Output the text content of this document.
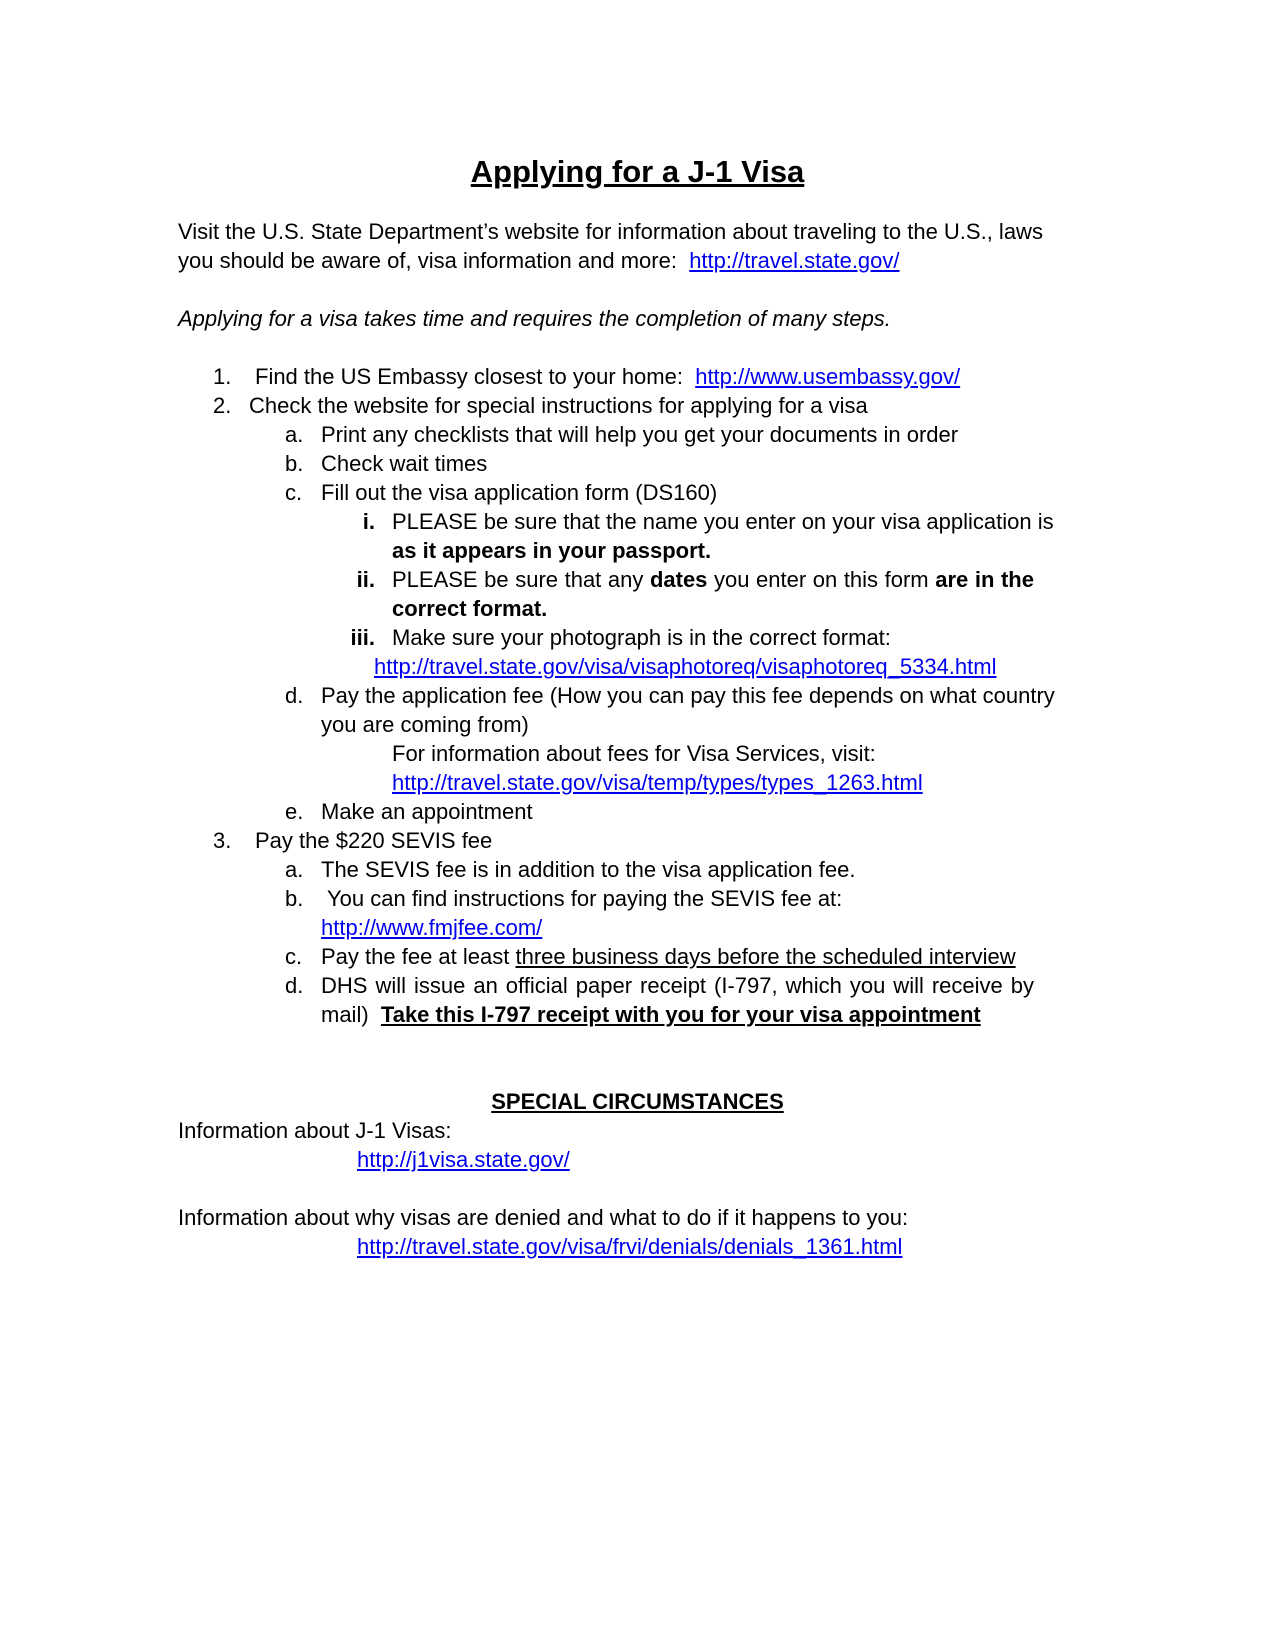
Applying for a J-1 Visa
Visit the U.S. State Department’s website for information about traveling to the U.S., laws
you should be aware of, visa information and more: http://travel.state.gov/
Applying for a visa takes time and requires the completion of many steps.
1. Find the US Embassy closest to your home: http://www.usembassy.gov/
2. Check the website for special instructions for applying for a visa
a. Print any checklists that will help you get your documents in order
b. Check wait times
c. Fill out the visa application form (DS160)
i. PLEASE be sure that the name you enter on your visa application is
as it appears in your passport.
ii. PLEASE be sure that any dates you enter on this form are in the
correct format.
iii. Make sure your photograph is in the correct format:
http://travel.state.gov/visa/visaphotoreq/visaphotoreq_5334.html
d. Pay the application fee (How you can pay this fee depends on what country
you are coming from)
For information about fees for Visa Services, visit:
http://travel.state.gov/visa/temp/types/types_1263.html
e. Make an appointment
3. Pay the $220 SEVIS fee
a. The SEVIS fee is in addition to the visa application fee.
b. You can find instructions for paying the SEVIS fee at:
http://www.fmjfee.com/
c. Pay the fee at least three business days before the scheduled interview
d. DHS will issue an official paper receipt (I-797, which you will receive by
mail) Take this I-797 receipt with you for your visa appointment
SPECIAL CIRCUMSTANCES
Information about J-1 Visas:
http://j1visa.state.gov/
Information about why visas are denied and what to do if it happens to you:
http://travel.state.gov/visa/frvi/denials/denials_1361.html
